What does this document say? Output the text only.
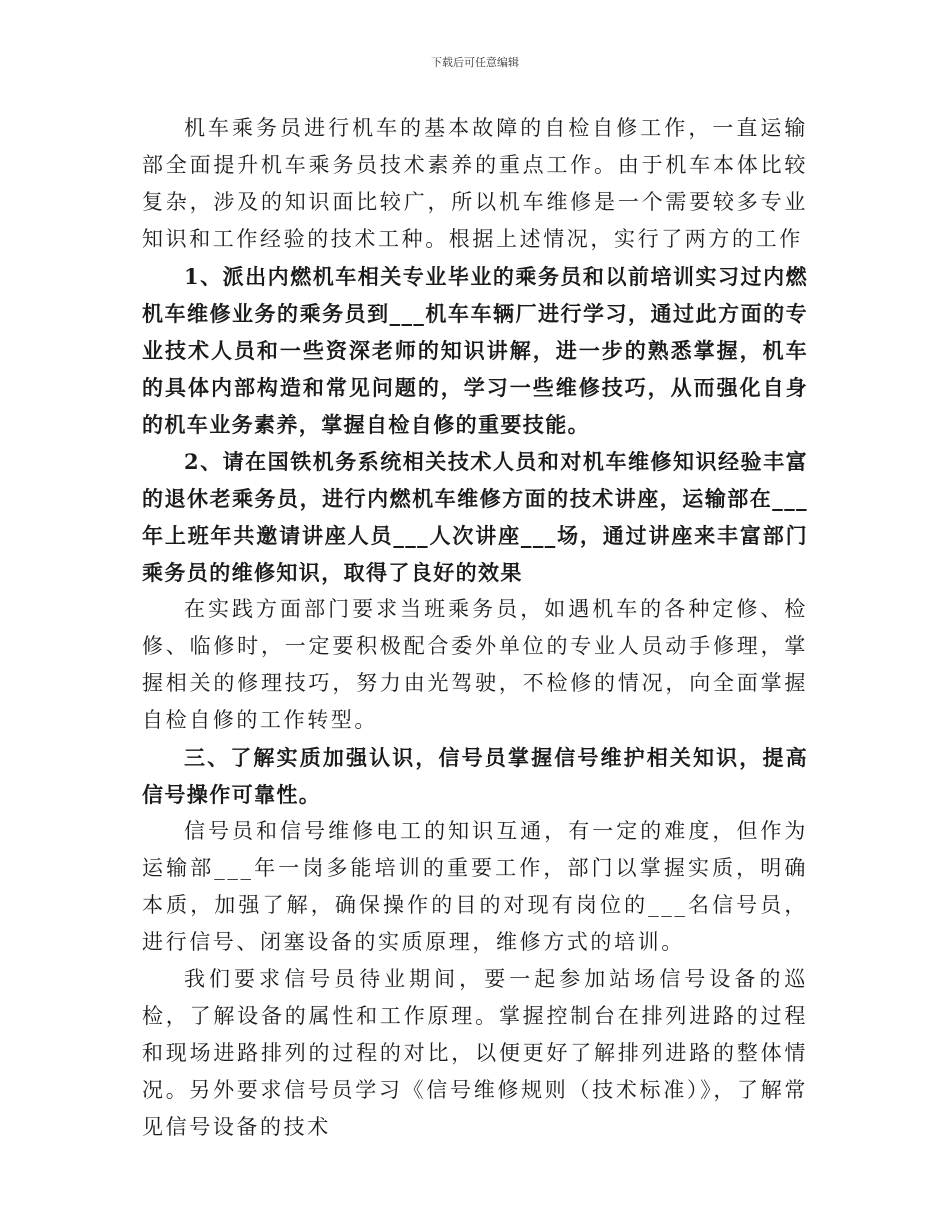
下载后可任意编辑

机车乘务员进行机车的基本故障的自检自修工作，一直运输部全面提升机车乘务员技术素养的重点工作。由于机车本体比较复杂，涉及的知识面比较广，所以机车维修是一个需要较多专业知识和工作经验的技术工种。根据上述情况，实行了两方的工作

1、派出内燃机车相关专业毕业的乘务员和以前培训实习过内燃机车维修业务的乘务员到___机车车辆厂进行学习，通过此方面的专业技术人员和一些资深老师的知识讲解，进一步的熟悉掌握，机车的具体内部构造和常见问题的，学习一些维修技巧，从而强化自身的机车业务素养，掌握自检自修的重要技能。

2、请在国铁机务系统相关技术人员和对机车维修知识经验丰富的退休老乘务员，进行内燃机车维修方面的技术讲座，运输部在___年上班年共邀请讲座人员___人次讲座___场，通过讲座来丰富部门乘务员的维修知识，取得了良好的效果

在实践方面部门要求当班乘务员，如遇机车的各种定修、检修、临修时，一定要积极配合委外单位的专业人员动手修理，掌握相关的修理技巧，努力由光驾驶，不检修的情况，向全面掌握自检自修的工作转型。

三、了解实质加强认识，信号员掌握信号维护相关知识，提高信号操作可靠性。

信号员和信号维修电工的知识互通，有一定的难度，但作为运输部___年一岗多能培训的重要工作，部门以掌握实质，明确本质，加强了解，确保操作的目的对现有岗位的___名信号员，进行信号、闭塞设备的实质原理，维修方式的培训。

我们要求信号员待业期间，要一起参加站场信号设备的巡检，了解设备的属性和工作原理。掌握控制台在排列进路的过程和现场进路排列的过程的对比，以便更好了解排列进路的整体情况。另外要求信号员学习《信号维修规则（技术标准）》，了解常见信号设备的技术
